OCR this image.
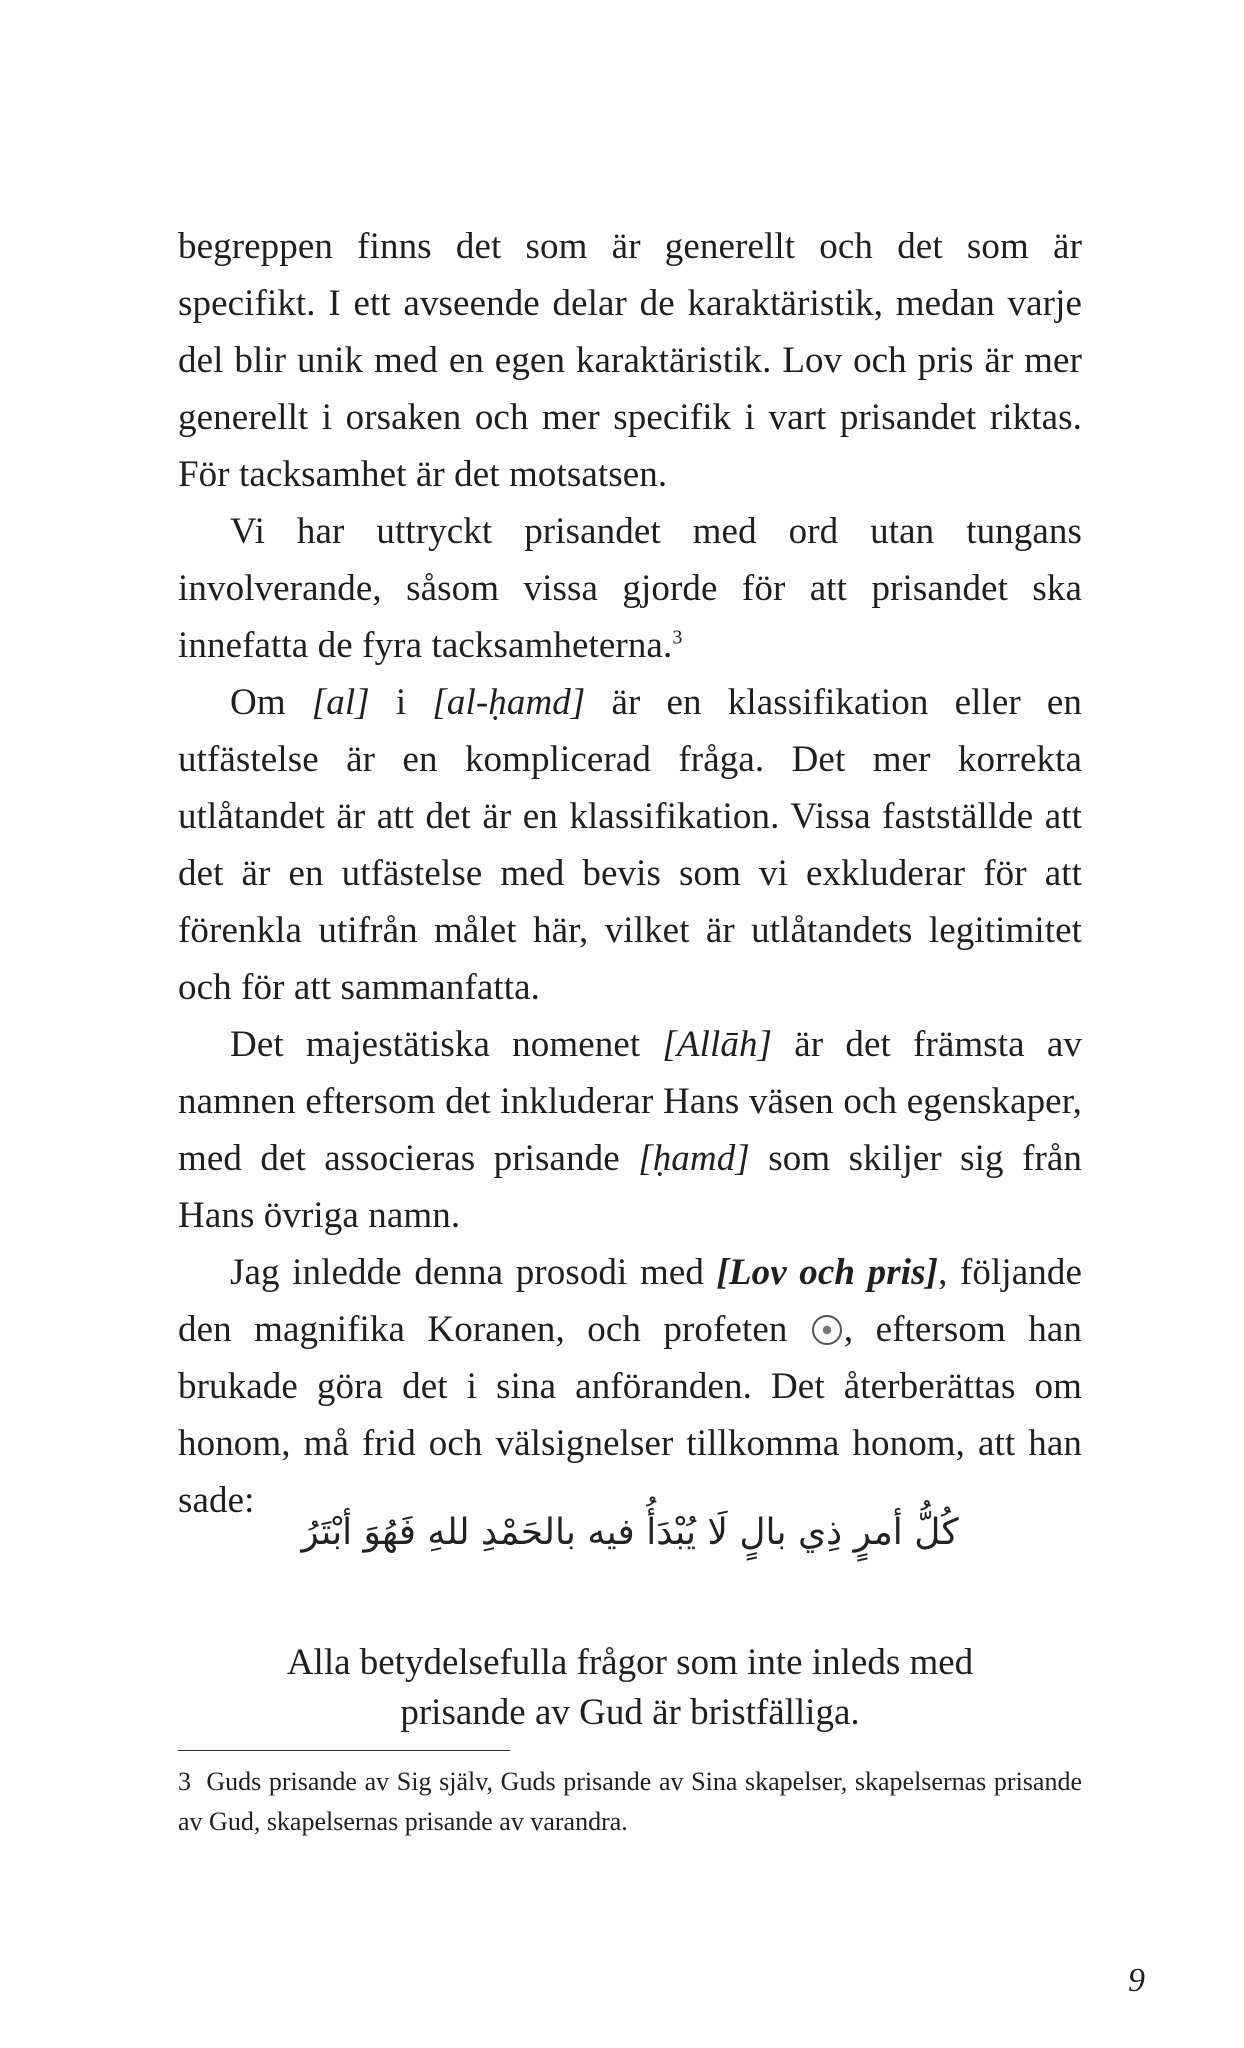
begreppen finns det som är generellt och det som är specifikt. I ett avseende delar de karaktäristik, medan varje del blir unik med en egen karaktäristik. Lov och pris är mer generellt i orsaken och mer specifik i vart prisandet riktas. För tacksamhet är det motsatsen.

Vi har uttryckt prisandet med ord utan tungans involverande, såsom vissa gjorde för att prisandet ska innefatta de fyra tacksamheterna.$^3$

Om [al] i [al-ḥamd] är en klassifikation eller en utfästelse är en komplicerad fråga. Det mer korrekta utlåtandet är att det är en klassifikation. Vissa fastställde att det är en utfästelse med bevis som vi exkluderar för att förenkla utifrån målet här, vilket är utlåtandets legitimitet och för att sammanfatta.

Det majestätiska nomenet [Allāh] är det främsta av namnen eftersom det inkluderar Hans väsen och egenskaper, med det associeras prisande [ḥamd] som skiljer sig från Hans övriga namn.

Jag inledde denna prosodi med [Lov och pris], följande den magnifika Koranen, och profeten , eftersom han brukade göra det i sina anföranden. Det återberättas om honom, må frid och välsignelser tillkomma honom, att han sade:

كُلُّ أمرٍ ذِي بالٍ لَا يُبْدَأُ فيه بالحَمْدِ للهِ فَهُوَ أبْتَرُ
Alla betydelsefulla frågor som inte inleds med
prisande av Gud är bristfälliga.
3 Guds prisande av Sig själv, Guds prisande av Sina skapelser, skapelsernas prisande av Gud, skapelsernas prisande av varandra.
9
